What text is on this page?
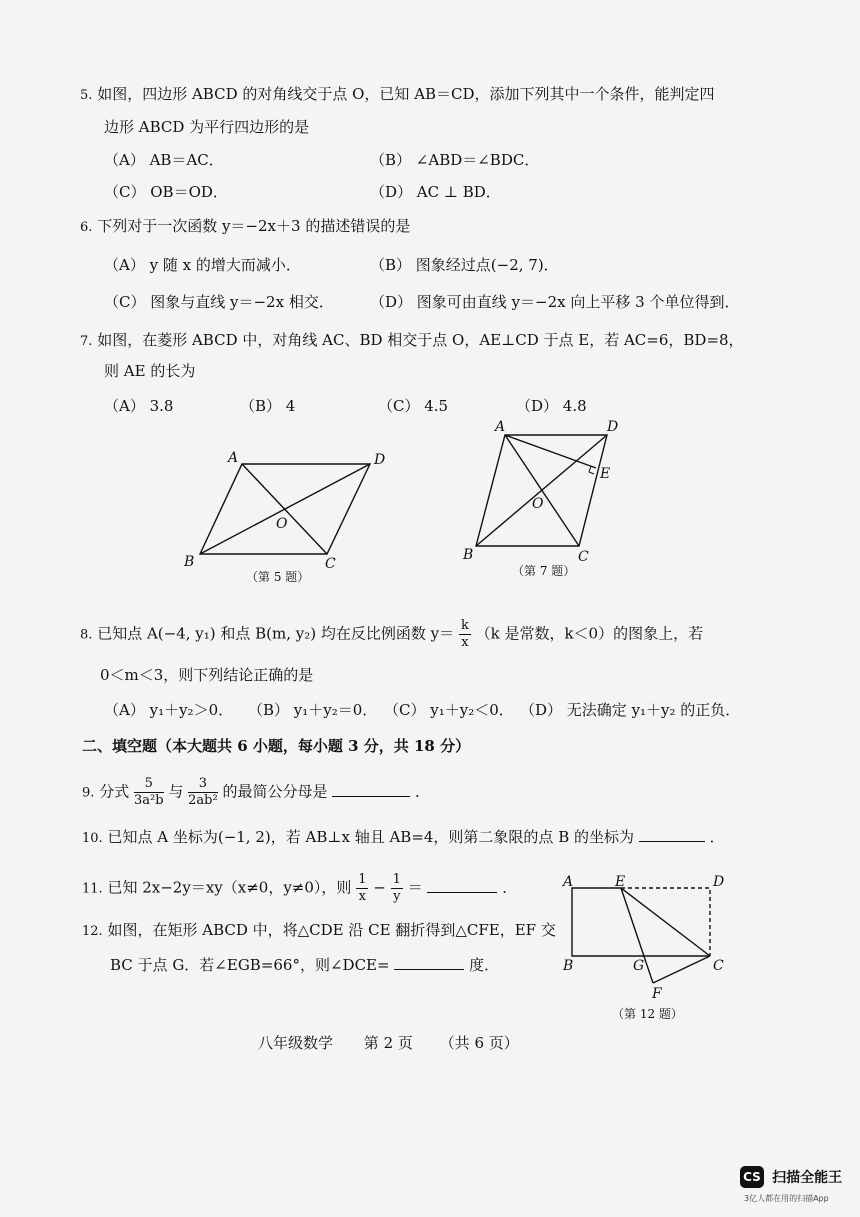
5. 如图，四边形 ABCD 的对角线交于点 O，已知 AB＝CD，添加下列其中一个条件，能判定四
边形 ABCD 为平行四边形的是
（A） AB＝AC．	（B） ∠ABD＝∠BDC．
（C） OB＝OD．	（D） AC ⊥ BD．
6. 下列对于一次函数 y＝−2x＋3 的描述错误的是
（A） y 随 x 的增大而减小．	（B） 图象经过点(−2, 7)．
（C） 图象与直线 y＝−2x 相交． （D） 图象可由直线 y＝−2x 向上平移 3 个单位得到．
7. 如图，在菱形 ABCD 中，对角线 AC、BD 相交于点 O，AE⊥CD 于点 E，若 AC=6，BD=8，
则 AE 的长为
（A） 3.8	（B） 4	（C） 4.5	（D） 4.8
A	D
B	C
O
（第 5 题）
A	D
E
B	C
O
（第 7 题）
8. 已知点 A(−4, y₁) 和点 B(m, y₂) 均在反比例函数 $y= \frac{k}{x} (k$ 是常数，k＜0）的图象上，若
0＜m＜3，则下列结论正确的是
（A） y₁＋y₂＞0． （B） y₁＋y₂＝0． （C） y₁＋y₂＜0． （D） 无法确定 y₁＋y₂ 的正负．
二、填空题（本大题共 6 小题，每小题 3 分，共 18 分）
9. 分式 $\frac{5}{\text{3a²b}}$ 与 $\frac{3}{\text{2ab²}}$ 的最简公分母是	．
10. 已知点 A 坐标为(−1, 2)，若 AB⊥x 轴且 AB=4，则第二象限的点 B 的坐标为	．
11. 已知 2x−2y＝xy（x≠0，y≠0），则 $\frac{1}{x} - \frac{1}{y}$ ＝	．
12. 如图，在矩形 ABCD 中，将△CDE 沿 CE 翻折得到△CFE，EF 交
BC 于点 G．若∠EGB=66°，则∠DCE=	度．
A	E	D
B	G	C
F
（第 12 题）
八年级数学 第 2 页 （共 6 页）
CS 扫描全能王
3亿人都在用的扫描App
